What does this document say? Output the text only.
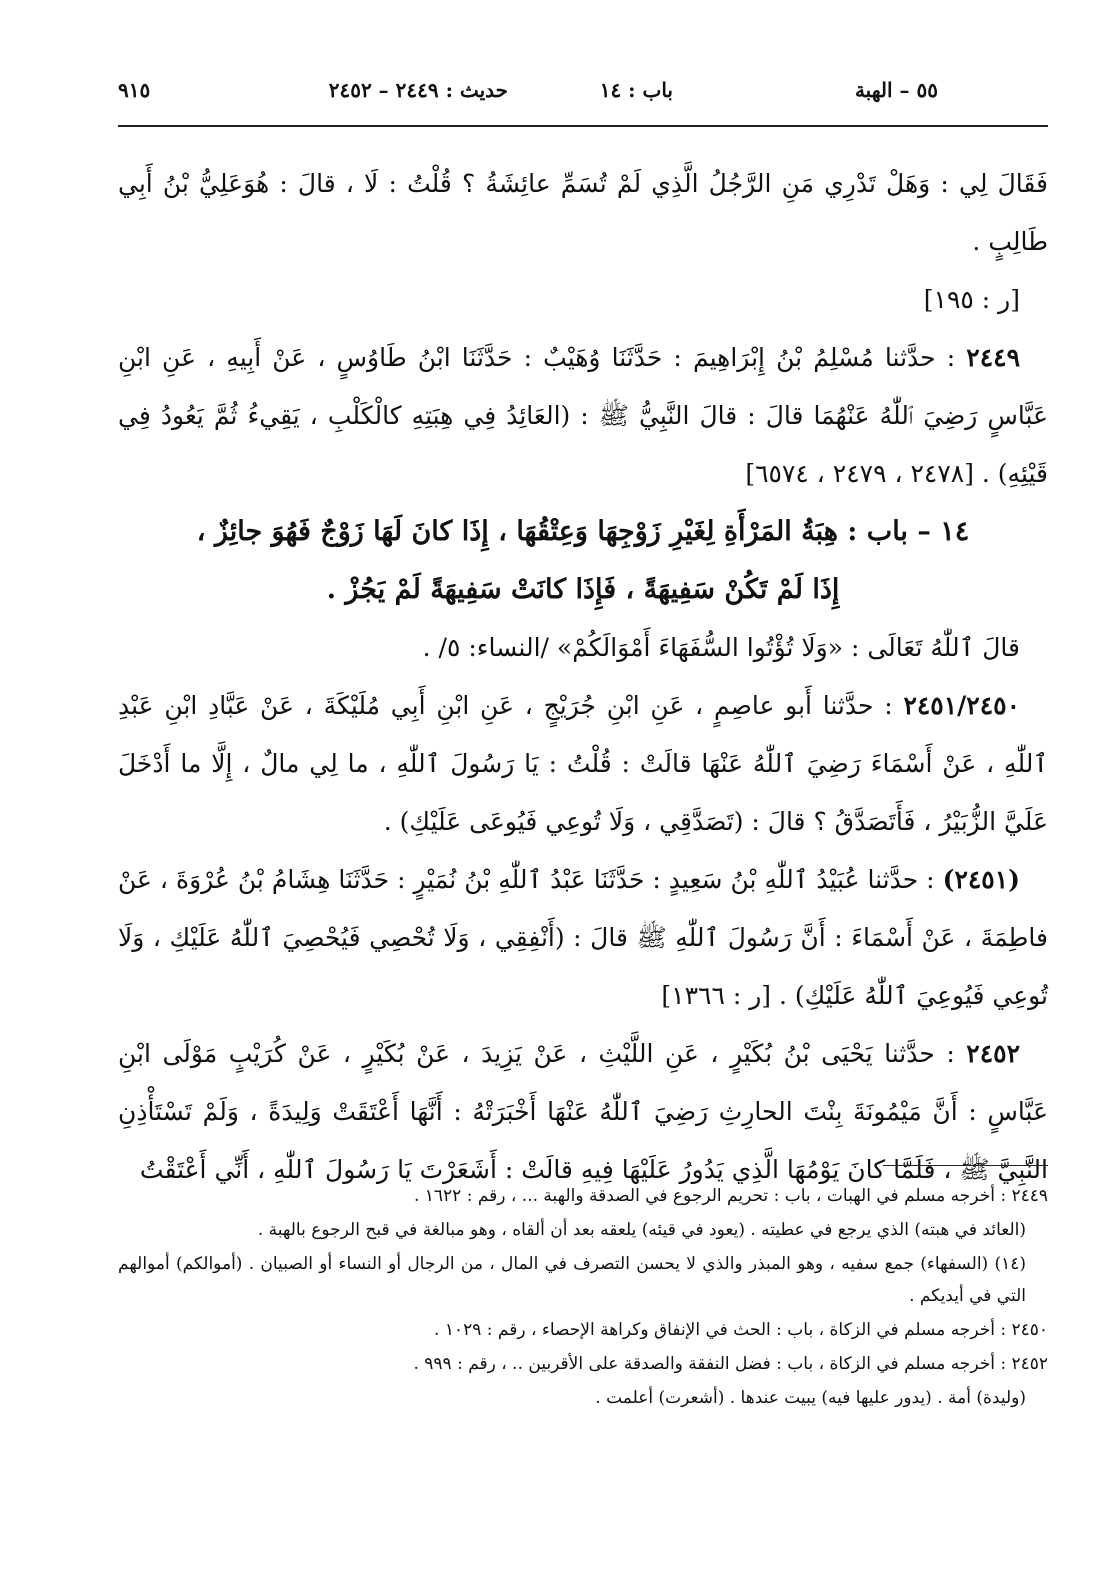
٥٥ – الهبة
باب : ١٤
حديث : ٢٤٤٩ – ٢٤٥٢
٩١٥

فَقَالَ لِي : وَهَلْ تَدْرِي مَنِ الرَّجُلُ الَّذِي لَمْ تُسَمِّ عائِشَةُ ؟ قُلْتُ : لَا ، قالَ : هُوَعَلِيُّ بْنُ أَبِي طَالِبٍ .

[ر : ١٩٥]

٢٤٤٩ : حدَّثنا مُسْلِمُ بْنُ إِبْرَاهِيمَ : حَدَّثَنَا وُهَيْبٌ : حَدَّثَنَا ابْنُ طَاوُسٍ ، عَنْ أَبِيهِ ، عَنِ ابْنِ عَبَّاسٍ رَضِيَ ٱللّٰهُ عَنْهُمَا قالَ : قالَ النَّبِيُّ ﷺ : (العَائِدُ فِي هِبَتِهِ كالْكَلْبِ ، يَقِيءُ ثُمَّ يَعُودُ فِي قَيْئِهِ) . [٢٤٧٨ ، ٢٤٧٩ ، ٦٥٧٤]

١٤ – باب : هِبَةُ المَرْأَةِ لِغَيْرِ زَوْجِهَا وَعِتْقُهَا ، إِذَا كانَ لَهَا زَوْجٌ فَهُوَ جائِزٌ ،
إِذَا لَمْ تَكُنْ سَفِيهَةً ، فَإِذَا كانَتْ سَفِيهَةً لَمْ يَجُزْ .

قالَ ٱللّٰهُ تَعَالَى : «وَلَا تُؤْتُوا السُّفَهَاءَ أَمْوَالَكُمْ» /النساء: ٥/ .

٢٤٥١/٢٤٥٠ : حدَّثنا أَبو عاصِمٍ ، عَنِ ابْنِ جُرَيْجٍ ، عَنِ ابْنِ أَبِي مُلَيْكَةَ ، عَنْ عَبَّادِ ابْنِ عَبْدِ ٱللّٰهِ ، عَنْ أَسْمَاءَ رَضِيَ ٱللّٰهُ عَنْهَا قالَتْ : قُلْتُ : يَا رَسُولَ ٱللّٰهِ ، ما لِي مالٌ ، إِلَّا ما أَدْخَلَ عَلَيَّ الزُّبَيْرُ ، فَأَتَصَدَّقُ ؟ قالَ : (تَصَدَّقِي ، وَلَا تُوعِي فَيُوعَى عَلَيْكِ) .

(٢٤٥١) : حدَّثنا عُبَيْدُ ٱللّٰهِ بْنُ سَعِيدٍ : حَدَّثَنَا عَبْدُ ٱللّٰهِ بْنُ نُمَيْرٍ : حَدَّثَنَا هِشَامُ بْنُ عُرْوَةَ ، عَنْ فاطِمَةَ ، عَنْ أَسْمَاءَ : أَنَّ رَسُولَ ٱللّٰهِ ﷺ قالَ : (أَنْفِقِي ، وَلَا تُحْصِي فَيُحْصِيَ ٱللّٰهُ عَلَيْكِ ، وَلَا تُوعِي فَيُوعِيَ ٱللّٰهُ عَلَيْكِ) . [ر : ١٣٦٦]

٢٤٥٢ : حدَّثنا يَحْيَى بْنُ بُكَيْرٍ ، عَنِ اللَّيْثِ ، عَنْ يَزِيدَ ، عَنْ بُكَيْرٍ ، عَنْ كُرَيْبٍ مَوْلَى ابْنِ عَبَّاسٍ : أَنَّ مَيْمُونَةَ بِنْتَ الحارِثِ رَضِيَ ٱللّٰهُ عَنْهَا أَخْبَرَتْهُ : أَنَّهَا أَعْتَقَتْ وَلِيدَةً ، وَلَمْ تَسْتَأْذِنِ النَّبِيَّ ﷺ ، فَلَمَّا كانَ يَوْمُهَا الَّذِي يَدُورُ عَلَيْهَا فِيهِ قالَتْ : أَشَعَرْتَ يَا رَسُولَ ٱللّٰهِ ، أَنِّي أَعْتَقْتُ

٢٤٤٩ : أخرجه مسلم في الهبات ، باب : تحريم الرجوع في الصدقة والهبة ... ، رقم : ١٦٢٢ .

(العائد في هبته) الذي يرجع في عطيته . (يعود في قيئه) يلعقه بعد أن ألقاه ، وهو مبالغة في قبح الرجوع بالهبة .

(١٤) (السفهاء) جمع سفيه ، وهو المبذر والذي لا يحسن التصرف في المال ، من الرجال أو النساء أو الصبيان . (أموالكم) أموالهم التي في أيديكم .

٢٤٥٠ : أخرجه مسلم في الزكاة ، باب : الحث في الإنفاق وكراهة الإحصاء ، رقم : ١٠٢٩ .

٢٤٥٢ : أخرجه مسلم في الزكاة ، باب : فضل النفقة والصدقة على الأقربين .. ، رقم : ٩٩٩ .

(وليدة) أمة . (يدور عليها فيه) يبيت عندها . (أشعرت) أعلمت .
